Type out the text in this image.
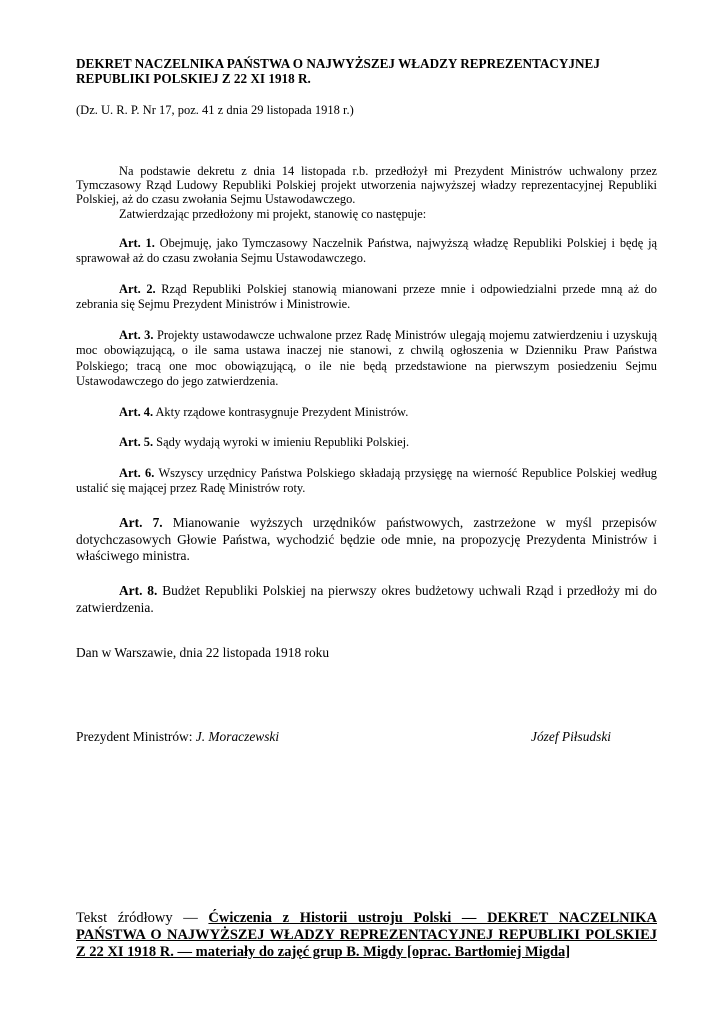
DEKRET NACZELNIKA PAŃSTWA O NAJWYŻSZEJ WŁADZY REPREZENTACYJNEJ REPUBLIKI POLSKIEJ Z 22 XI 1918 R.
(Dz. U. R. P. Nr 17, poz. 41 z dnia 29 listopada 1918 r.)

Na podstawie dekretu z dnia 14 listopada r.b. przedłożył mi Prezydent Ministrów uchwalony przez Tymczasowy Rząd Ludowy Republiki Polskiej projekt utworzenia najwyższej władzy reprezentacyjnej Republiki Polskiej, aż do czasu zwołania Sejmu Ustawodawczego.

Zatwierdzając przedłożony mi projekt, stanowię co następuje:

Art. 1. Obejmuję, jako Tymczasowy Naczelnik Państwa, najwyższą władzę Republiki Polskiej i będę ją sprawował aż do czasu zwołania Sejmu Ustawodawczego.

Art. 2. Rząd Republiki Polskiej stanowią mianowani przeze mnie i odpowiedzialni przede mną aż do zebrania się Sejmu Prezydent Ministrów i Ministrowie.

Art. 3. Projekty ustawodawcze uchwalone przez Radę Ministrów ulegają mojemu zatwierdzeniu i uzyskują moc obowiązującą, o ile sama ustawa inaczej nie stanowi, z chwilą ogłoszenia w Dzienniku Praw Państwa Polskiego; tracą one moc obowiązującą, o ile nie będą przedstawione na pierwszym posiedzeniu Sejmu Ustawodawczego do jego zatwierdzenia.

Art. 4. Akty rządowe kontrasygnuje Prezydent Ministrów.

Art. 5. Sądy wydają wyroki w imieniu Republiki Polskiej.

Art. 6. Wszyscy urzędnicy Państwa Polskiego składają przysięgę na wierność Republice Polskiej według ustalić się mającej przez Radę Ministrów roty.

Art. 7. Mianowanie wyższych urzędników państwowych, zastrzeżone w myśl przepisów dotychczasowych Głowie Państwa, wychodzić będzie ode mnie, na propozycję Prezydenta Ministrów i właściwego ministra.

Art. 8. Budżet Republiki Polskiej na pierwszy okres budżetowy uchwali Rząd i przedłoży mi do zatwierdzenia.

Dan w Warszawie, dnia 22 listopada 1918 roku

Prezydent Ministrów: J. Moraczewski	Józef Piłsudski
Tekst źródłowy — Ćwiczenia z Historii ustroju Polski — DEKRET NACZELNIKA PAŃSTWA O NAJWYŻSZEJ WŁADZY REPREZENTACYJNEJ REPUBLIKI POLSKIEJ Z 22 XI 1918 R. — materiały do zajęć grup B. Migdy [oprac. Bartłomiej Migda]
